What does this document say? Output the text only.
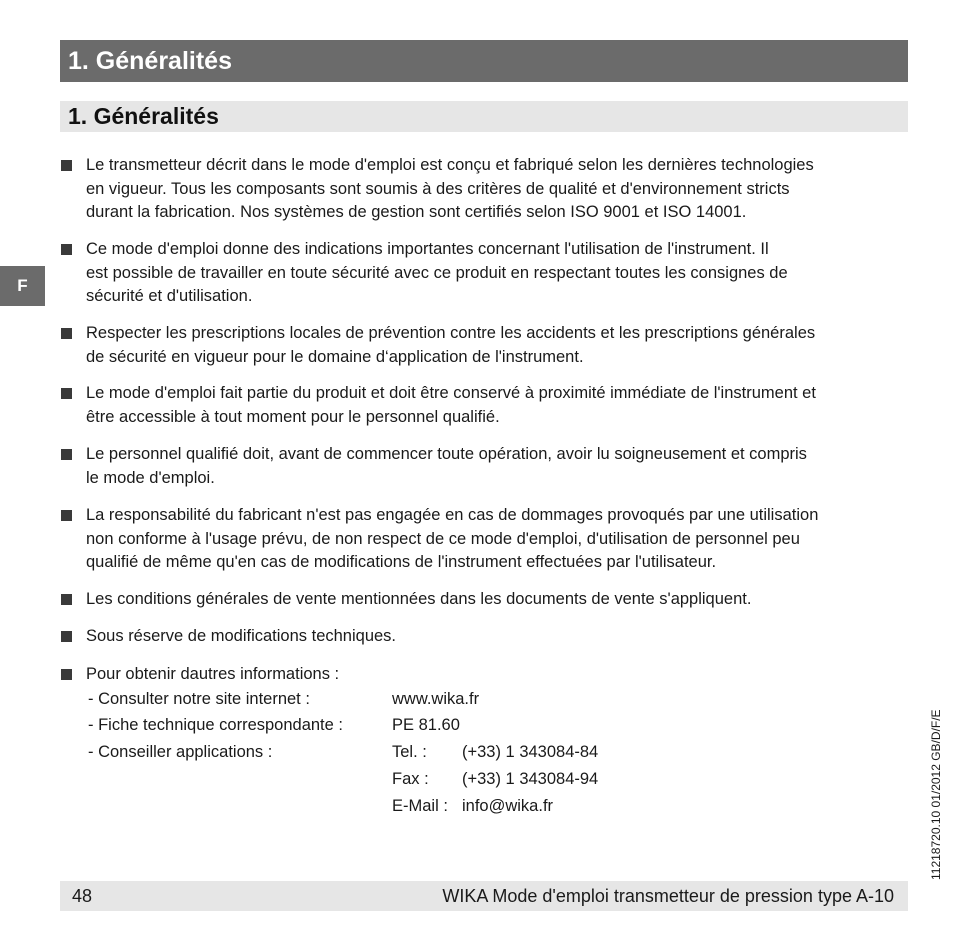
1. Généralités
1. Généralités
F
Le transmetteur décrit dans le mode d'emploi est conçu et fabriqué selon les dernières technologies
en vigueur. Tous les composants sont soumis à des critères de qualité et d'environnement stricts
durant la fabrication. Nos systèmes de gestion sont certifiés selon ISO 9001 et ISO 14001.
Ce mode d'emploi donne des indications importantes concernant l'utilisation de l'instrument. Il
est possible de travailler en toute sécurité avec ce produit en respectant toutes les consignes de
sécurité et d'utilisation.
Respecter les prescriptions locales de prévention contre les accidents et les prescriptions générales
de sécurité en vigueur pour le domaine d‘application de l'instrument.
Le mode d'emploi fait partie du produit et doit être conservé à proximité immédiate de l'instrument et
être accessible à tout moment pour le personnel qualifié.
Le personnel qualifié doit, avant de commencer toute opération, avoir lu soigneusement et compris
le mode d'emploi.
La responsabilité du fabricant n'est pas engagée en cas de dommages provoqués par une utilisation
non conforme à l'usage prévu, de non respect de ce mode d'emploi, d'utilisation de personnel peu
qualifié de même qu'en cas de modifications de l'instrument effectuées par l'utilisateur.
Les conditions générales de vente mentionnées dans les documents de vente s'appliquent.
Sous réserve de modifications techniques.
Pour obtenir dautres informations :
- Consulter notre site internet :	www.wika.fr
- Fiche technique correspondante :	PE 81.60
- Conseiller applications :	Tel. : (+33) 1 343084-84
Fax : (+33) 1 343084-94
E-Mail : info@wika.fr	11218720.10 01/2012 GB/D/F/E
48	WIKA Mode d'emploi transmetteur de pression type A-10
